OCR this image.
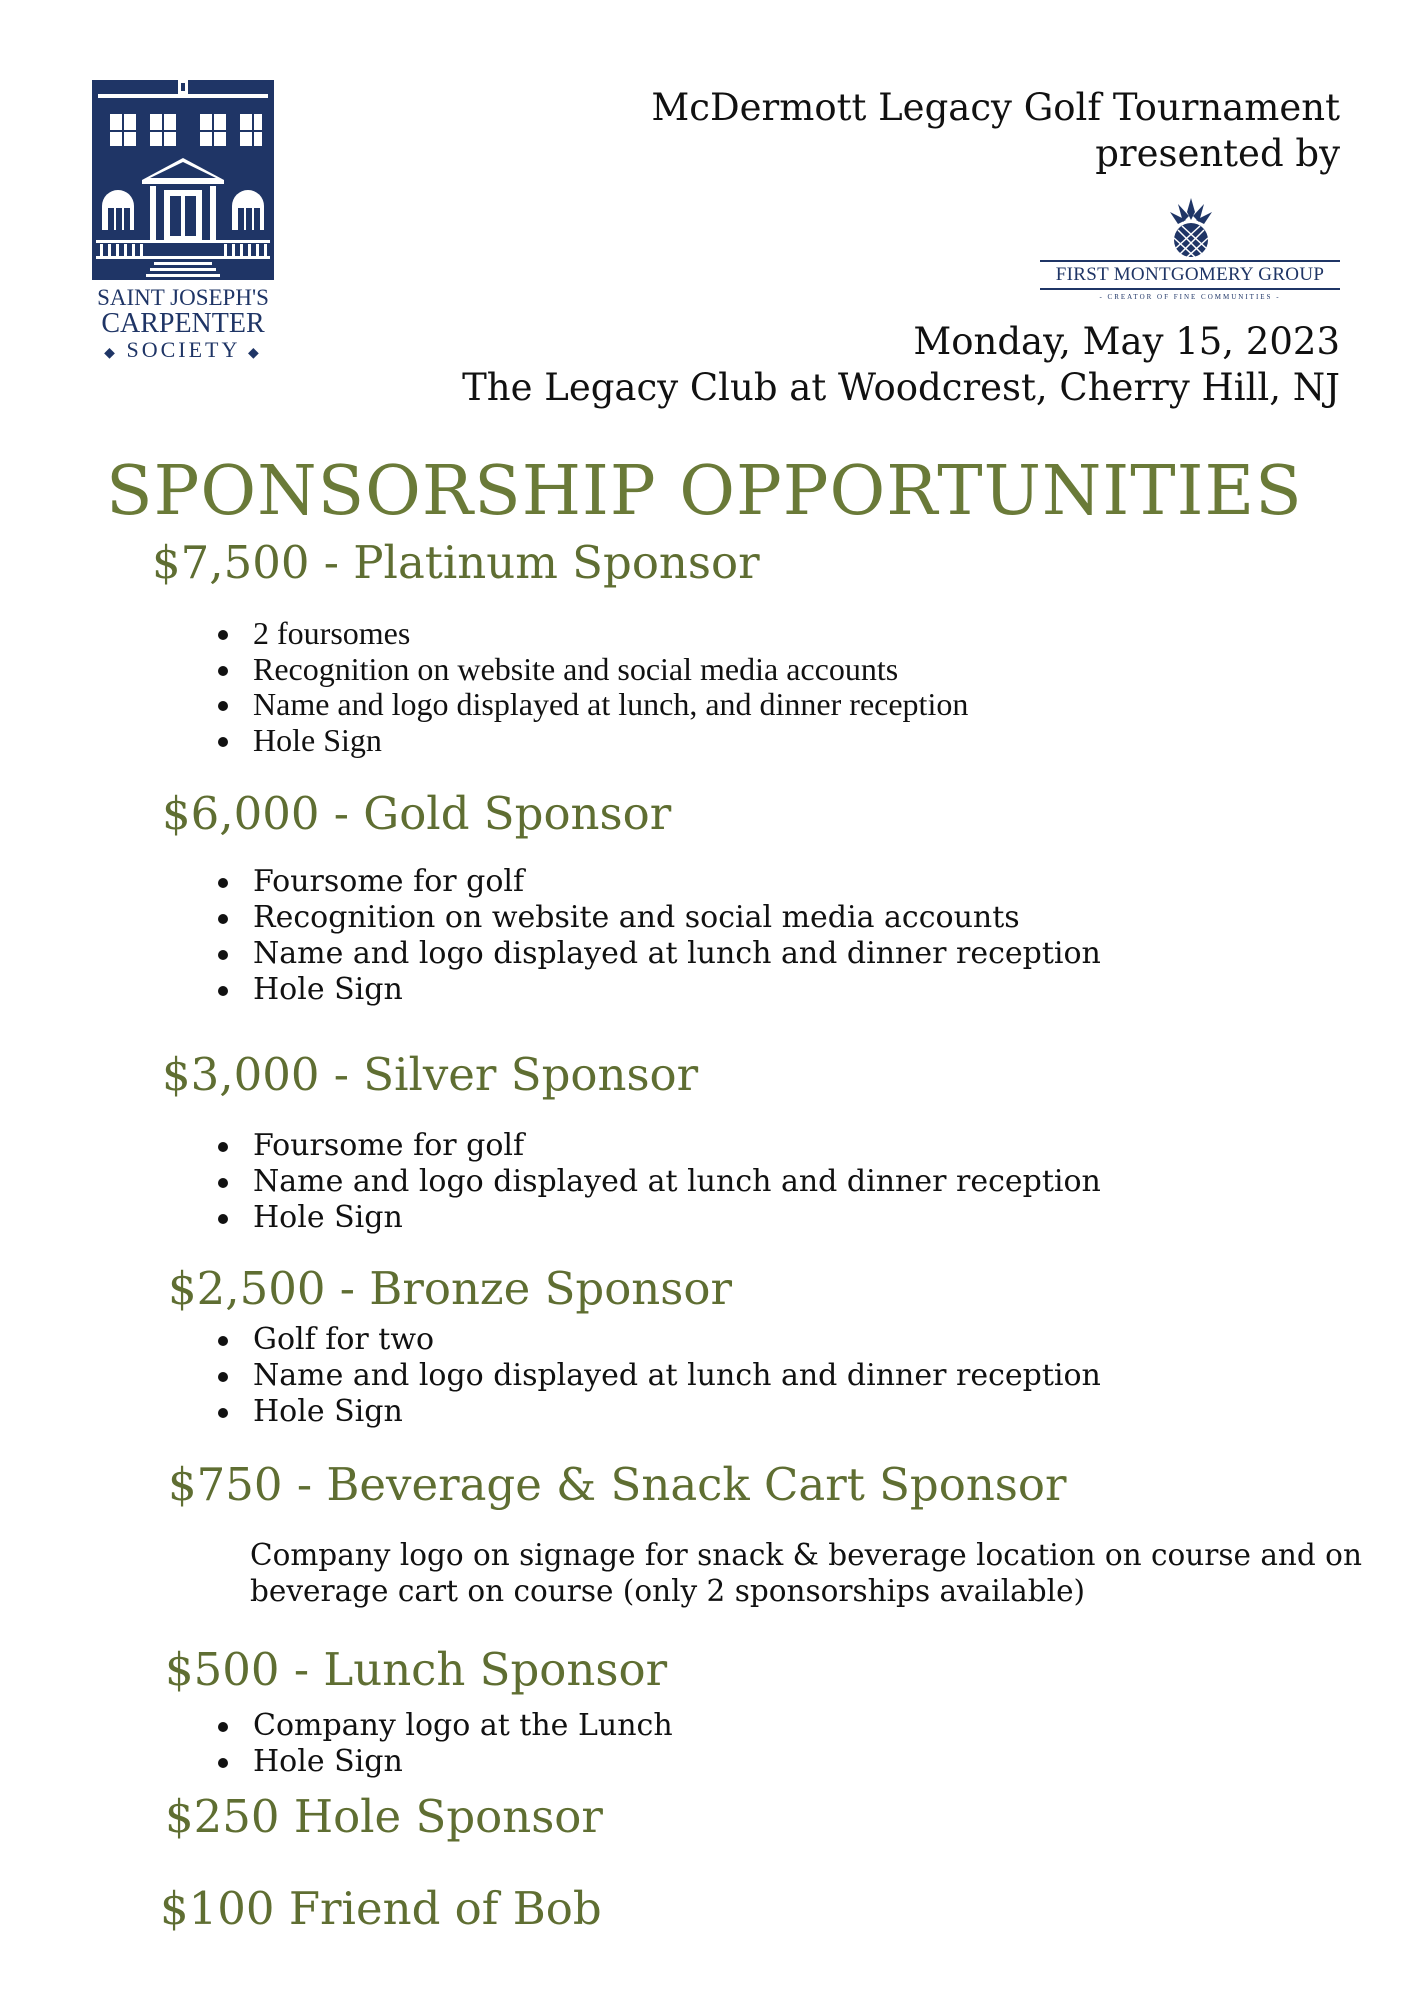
SAINT JOSEPH'S
CARPENTER
◆ SOCIETY ◆
McDermott Legacy Golf Tournament
presented by
FIRST MONTGOMERY GROUP
- CREATOR OF FINE COMMUNITIES -
Monday, May 15, 2023
The Legacy Club at Woodcrest, Cherry Hill, NJ
SPONSORSHIP OPPORTUNITIES
$7,500 - Platinum Sponsor
2 foursomes
Recognition on website and social media accounts
Name and logo displayed at lunch, and dinner reception
Hole Sign
$6,000 - Gold Sponsor
Foursome for golf
Recognition on website and social media accounts
Name and logo displayed at lunch and dinner reception
Hole Sign
$3,000 - Silver Sponsor
Foursome for golf
Name and logo displayed at lunch and dinner reception
Hole Sign
$2,500 - Bronze Sponsor
Golf for two
Name and logo displayed at lunch and dinner reception
Hole Sign
$750 - Beverage & Snack Cart Sponsor
Company logo on signage for snack & beverage location on course and on
beverage cart on course (only 2 sponsorships available)
$500 - Lunch Sponsor
Company logo at the Lunch
Hole Sign
$250 Hole Sponsor
$100 Friend of Bob
